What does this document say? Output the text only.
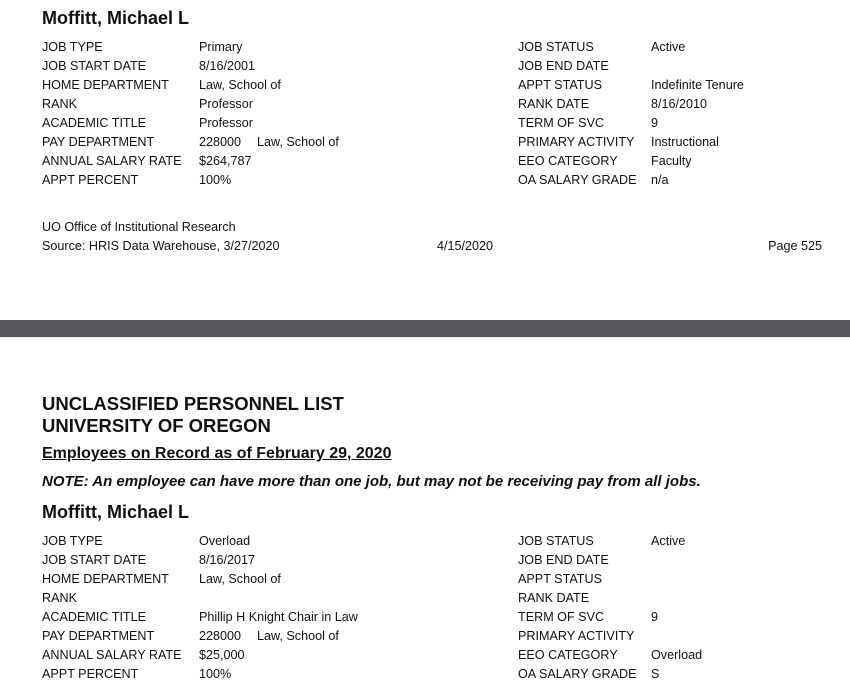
Moffitt, Michael L
JOB TYPE	Primary	JOB STATUS	Active
JOB START DATE	8/16/2001	JOB END DATE
HOME DEPARTMENT Law, School of	APPT STATUS	Indefinite Tenure
RANK	Professor	RANK DATE	8/16/2010
ACADEMIC TITLE	Professor	TERM OF SVC	9
PAY DEPARTMENT	228000 Law, School of	PRIMARY ACTIVITY Instructional
ANNUAL SALARY RATE $264,787	EEO CATEGORY	Faculty
APPT PERCENT	100%	OA SALARY GRADE n/a
UO Office of Institutional Research
Source: HRIS Data Warehouse, 3/27/2020	4/15/2020	Page 525
UNCLASSIFIED PERSONNEL LIST
UNIVERSITY OF OREGON
Employees on Record as of February 29, 2020
NOTE: An employee can have more than one job, but may not be receiving pay from all jobs.
Moffitt, Michael L
JOB TYPE	Overload	JOB STATUS	Active
JOB START DATE	8/16/2017	JOB END DATE
HOME DEPARTMENT Law, School of	APPT STATUS
RANK	RANK DATE
ACADEMIC TITLE	Phillip H Knight Chair in Law	TERM OF SVC	9
PAY DEPARTMENT	228000 Law, School of	PRIMARY ACTIVITY
ANNUAL SALARY RATE $25,000	EEO CATEGORY	Overload
APPT PERCENT	100%	OA SALARY GRADE S
